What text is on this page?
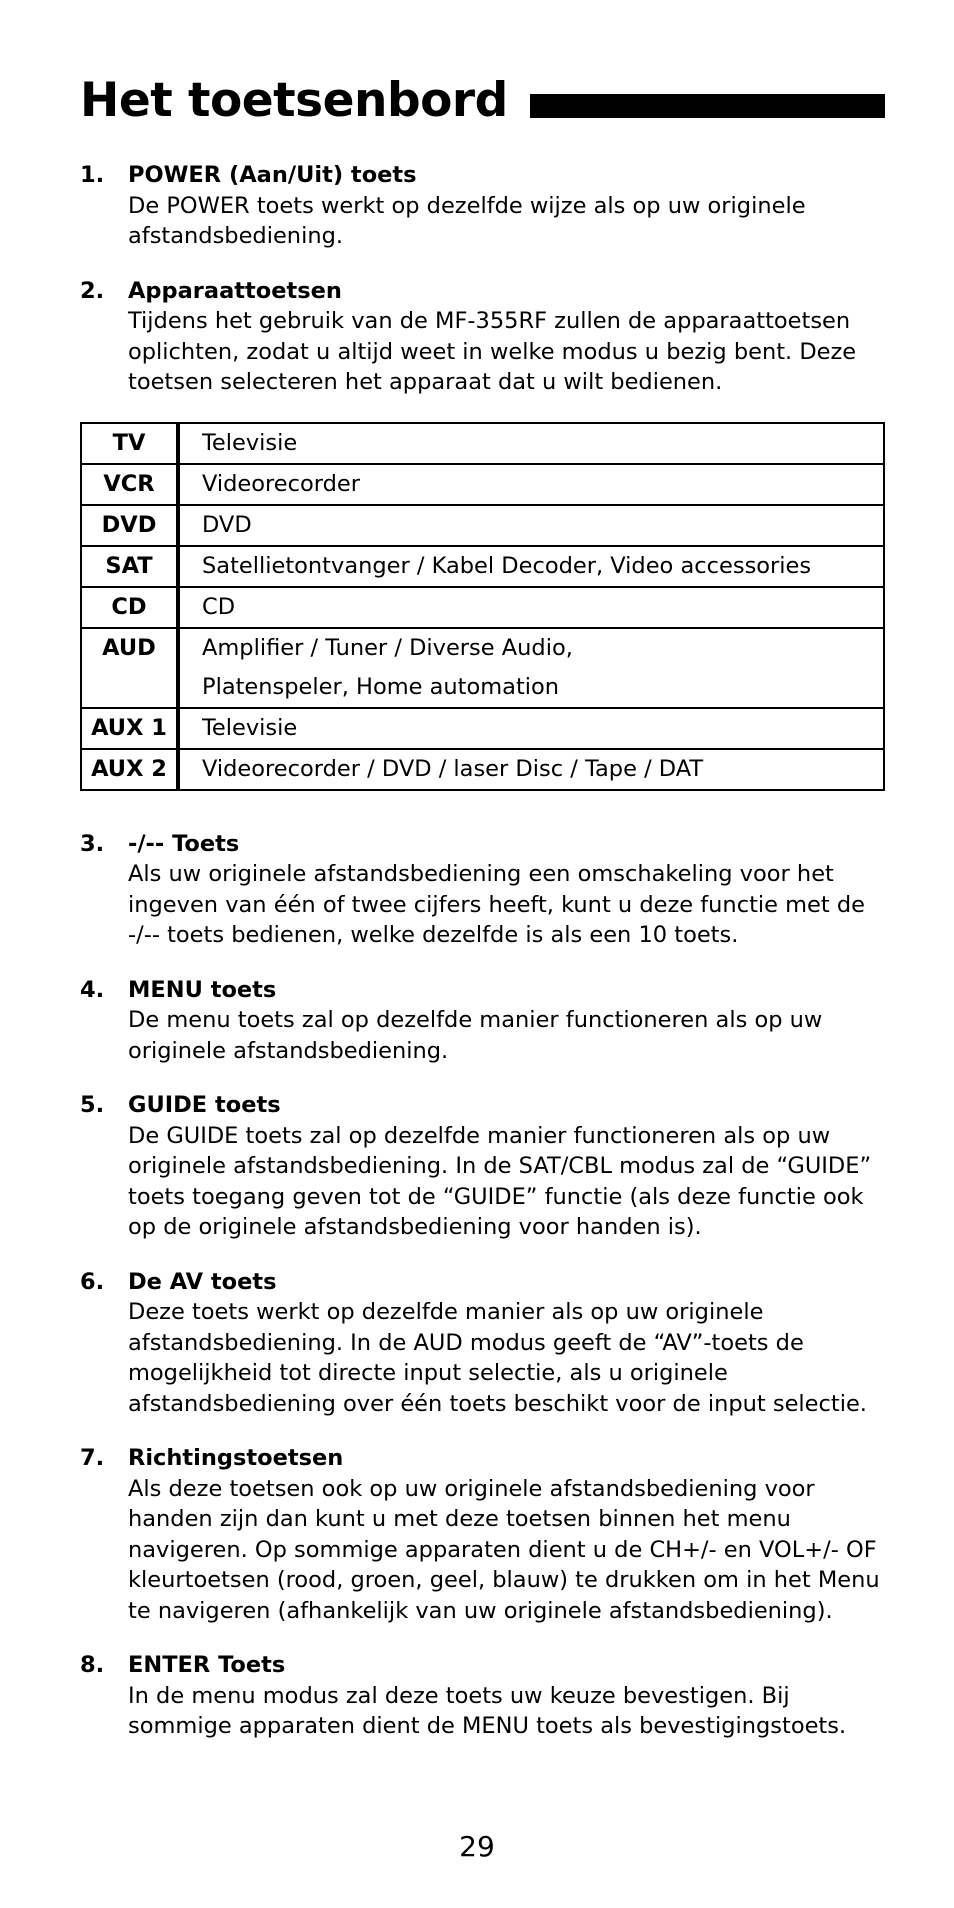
Het toetsenbord
1. POWER (Aan/Uit) toets
De POWER toets werkt op dezelfde wijze als op uw originele afstandsbediening.
2. Apparaattoetsen
Tijdens het gebruik van de MF-355RF zullen de apparaattoetsen oplichten, zodat u altijd weet in welke modus u bezig bent. Deze toetsen selecteren het apparaat dat u wilt bedienen.
TV	Televisie

VCR	Videorecorder

DVD	DVD

SAT	Satellietontvanger / Kabel Decoder, Video accessories

CD	CD

AUD	Amplifier / Tuner / Diverse Audio,
Platenspeler, Home automation

AUX 1	Televisie

AUX 2	Videorecorder / DVD / laser Disc / Tape / DAT
3. -/-- Toets
Als uw originele afstandsbediening een omschakeling voor het ingeven van één of twee cijfers heeft, kunt u deze functie met de -/-- toets bedienen, welke dezelfde is als een 10 toets.
4. MENU toets
De menu toets zal op dezelfde manier functioneren als op uw originele afstandsbediening.
5. GUIDE toets
De GUIDE toets zal op dezelfde manier functioneren als op uw originele afstandsbediening. In de SAT/CBL modus zal de “GUIDE” toets toegang geven tot de “GUIDE” functie (als deze functie ook op de originele afstandsbediening voor handen is).
6. De AV toets
Deze toets werkt op dezelfde manier als op uw originele afstandsbediening. In de AUD modus geeft de “AV”-toets de mogelijkheid tot directe input selectie, als u originele afstandsbediening over één toets beschikt voor de input selectie.
7. Richtingstoetsen
Als deze toetsen ook op uw originele afstandsbediening voor handen zijn dan kunt u met deze toetsen binnen het menu navigeren. Op sommige apparaten dient u de CH+/- en VOL+/- OF kleurtoetsen (rood, groen, geel, blauw) te drukken om in het Menu te navigeren (afhankelijk van uw originele afstandsbediening).
8. ENTER Toets
In de menu modus zal deze toets uw keuze bevestigen. Bij sommige apparaten dient de MENU toets als bevestigingstoets.
29
